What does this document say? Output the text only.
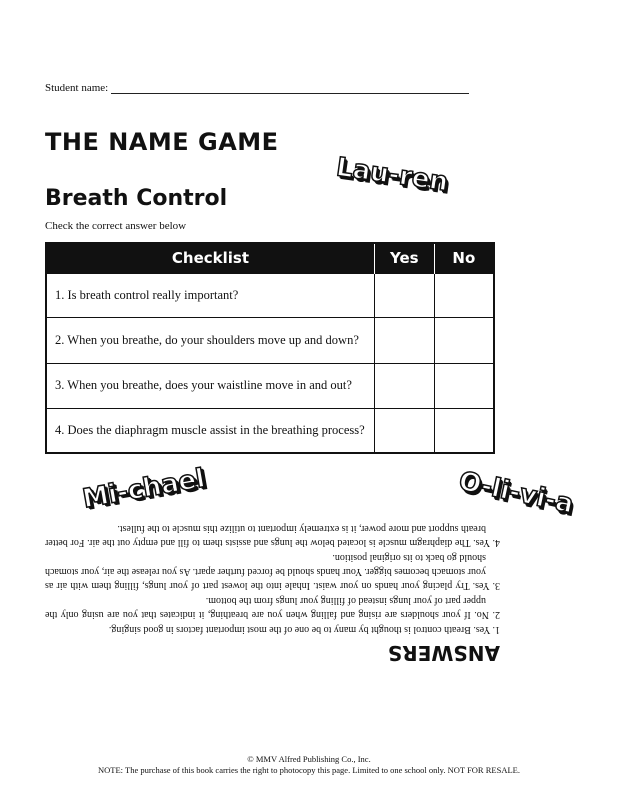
Student name:
THE NAME GAME
Breath Control
Check the correct answer below
Lau-ren
Checklist	Yes	No
1. Is breath control really important?		
2. When you breathe, do your shoulders move up and down?		
3. When you breathe, does your waistline move in and out?		
4. Does the diaphragm muscle assist in the breathing process?		
Mi-chael	O-li-vi-a
ANSWERS
1. Yes. Breath control is thought by many to be one of the most important factors in good singing.
2. No. If your shoulders are rising and falling when you are breathing, it indicates that you are using only the upper part of your lungs instead of filling your lungs from the bottom.
3. Yes. Try placing your hands on your waist. Inhale into the lowest part of your lungs, filling them with air as your stomach becomes bigger. Your hands should be forced further apart. As you release the air, your stomach should go back to its original position.
4. Yes. The diaphragm muscle is located below the lungs and assists them to fill and empty out the air. For better breath support and more power, it is extremely important to utilize this muscle to the fullest.
© MMV Alfred Publishing Co., Inc.
NOTE: The purchase of this book carries the right to photocopy this page. Limited to one school only. NOT FOR RESALE.
